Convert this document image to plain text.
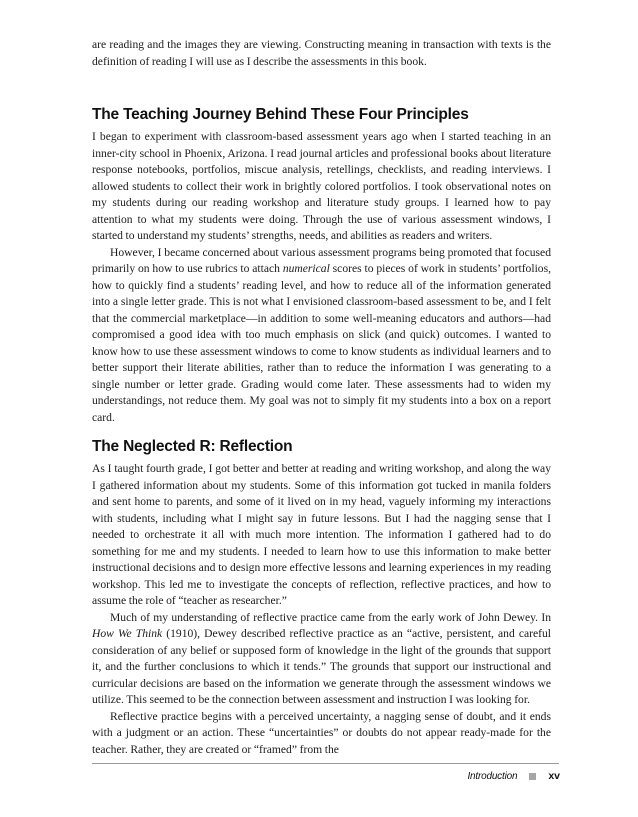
are reading and the images they are viewing. Constructing meaning in transaction with texts is the definition of reading I will use as I describe the assessments in this book.

The Teaching Journey Behind These Four Principles

I began to experiment with classroom-based assessment years ago when I started teaching in an inner-city school in Phoenix, Arizona. I read journal articles and professional books about literature response notebooks, portfolios, miscue analysis, retellings, checklists, and reading interviews. I allowed students to collect their work in brightly colored portfolios. I took observational notes on my students during our reading workshop and literature study groups. I learned how to pay attention to what my students were doing. Through the use of various assessment windows, I started to understand my students’ strengths, needs, and abilities as readers and writers.

However, I became concerned about various assessment programs being promoted that focused primarily on how to use rubrics to attach numerical scores to pieces of work in students’ portfolios, how to quickly find a students’ reading level, and how to reduce all of the information generated into a single letter grade. This is not what I envisioned classroom-based assessment to be, and I felt that the commercial marketplace—in addition to some well-meaning educators and authors—had compromised a good idea with too much emphasis on slick (and quick) outcomes. I wanted to know how to use these assessment windows to come to know students as individual learners and to better support their literate abilities, rather than to reduce the information I was generating to a single number or letter grade. Grading would come later. These assessments had to widen my understandings, not reduce them. My goal was not to simply fit my students into a box on a report card.

The Neglected R: Reflection

As I taught fourth grade, I got better and better at reading and writing workshop, and along the way I gathered information about my students. Some of this information got tucked in manila folders and sent home to parents, and some of it lived on in my head, vaguely informing my interactions with students, including what I might say in future lessons. But I had the nagging sense that I needed to orchestrate it all with much more intention. The information I gathered had to do something for me and my students. I needed to learn how to use this information to make better instructional decisions and to design more effective lessons and learning experiences in my reading workshop. This led me to investigate the concepts of reflection, reflective practices, and how to assume the role of “teacher as researcher.”

Much of my understanding of reflective practice came from the early work of John Dewey. In How We Think (1910), Dewey described reflective practice as an “active, persistent, and careful consideration of any belief or supposed form of knowledge in the light of the grounds that support it, and the further conclusions to which it tends.” The grounds that support our instructional and curricular decisions are based on the information we generate through the assessment windows we utilize. This seemed to be the connection between assessment and instruction I was looking for.

Reflective practice begins with a perceived uncertainty, a nagging sense of doubt, and it ends with a judgment or an action. These “uncertainties” or doubts do not appear ready-made for the teacher. Rather, they are created or “framed” from the

Introduction	xv
